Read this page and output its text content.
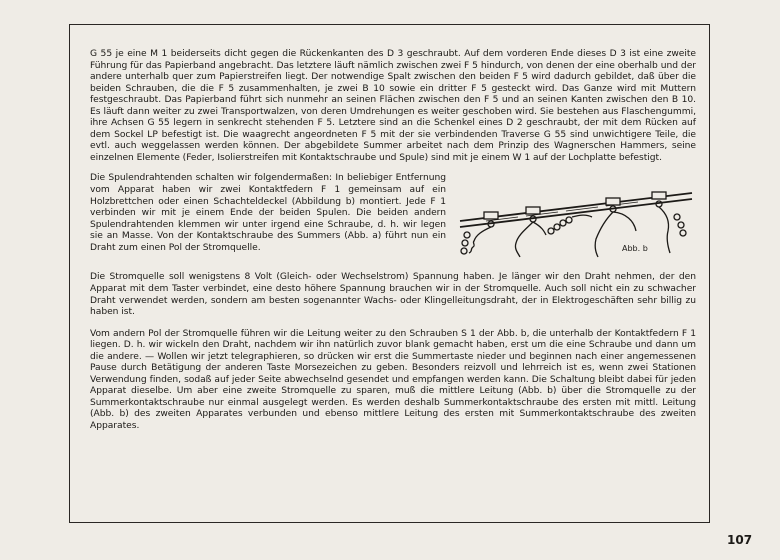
G 55 je eine M 1 beiderseits dicht gegen die Rückenkanten des D 3 geschraubt. Auf dem vorderen Ende dieses D 3 ist eine zweite Führung für das Papierband angebracht. Das letztere läuft nämlich zwischen zwei F 5 hindurch, von denen der eine oberhalb und der andere unterhalb quer zum Papierstreifen liegt. Der notwendige Spalt zwischen den beiden F 5 wird dadurch gebildet, daß über die beiden Schrauben, die die F 5 zusammenhalten, je zwei B 10 sowie ein dritter F 5 gesteckt wird. Das Ganze wird mit Muttern festgeschraubt. Das Papierband führt sich nunmehr an seinen Flächen zwischen den F 5 und an seinen Kanten zwischen den B 10. Es läuft dann weiter zu zwei Transportwalzen, von deren Umdrehungen es weiter geschoben wird. Sie bestehen aus Flaschengummi, ihre Achsen G 55 legern in senkrecht stehenden F 5. Letztere sind an die Schenkel eines D 2 geschraubt, der mit dem Rücken auf dem Sockel LP befestigt ist. Die waagrecht angeordneten F 5 mit der sie verbindenden Traverse G 55 sind unwichtigere Teile, die evtl. auch weggelassen werden können. Der abgebildete Summer arbeitet nach dem Prinzip des Wagnerschen Hammers, seine einzelnen Elemente (Feder, Isolierstreifen mit Kontaktschraube und Spule) sind mit je einem W 1 auf der Lochplatte befestigt.

Die Spulendrahtenden schalten wir folgendermaßen: In beliebiger Entfernung vom Apparat haben wir zwei Kontaktfedern F 1 gemeinsam auf ein Holzbrettchen oder einen Schachteldeckel (Abbildung b) montiert. Jede F 1 verbinden wir mit je einem Ende der beiden Spulen. Die beiden andern Spulendrahtenden klemmen wir unter irgend eine Schraube, d. h. wir legen sie an Masse. Von der Kontaktschraube des Summers (Abb. a) führt nun ein Draht zum einen Pol der Stromquelle.	Abb. b

Die Stromquelle soll wenigstens 8 Volt (Gleich- oder Wechselstrom) Spannung haben. Je länger wir den Draht nehmen, der den Apparat mit dem Taster verbindet, eine desto höhere Spannung brauchen wir in der Stromquelle. Auch soll nicht ein zu schwacher Draht verwendet werden, sondern am besten sogenannter Wachs- oder Klingelleitungsdraht, der in Elektrogeschäften sehr billig zu haben ist.

Vom andern Pol der Stromquelle führen wir die Leitung weiter zu den Schrauben S 1 der Abb. b, die unterhalb der Kontaktfedern F 1 liegen. D. h. wir wickeln den Draht, nachdem wir ihn natürlich zuvor blank gemacht haben, erst um die eine Schraube und dann um die andere. — Wollen wir jetzt telegraphieren, so drücken wir erst die Summertaste nieder und beginnen nach einer angemessenen Pause durch Betätigung der anderen Taste Morsezeichen zu geben. Besonders reizvoll und lehrreich ist es, wenn zwei Stationen Verwendung finden, sodaß auf jeder Seite abwechselnd gesendet und empfangen werden kann. Die Schaltung bleibt dabei für jeden Apparat dieselbe. Um aber eine zweite Stromquelle zu sparen, muß die mittlere Leitung (Abb. b) über die Stromquelle zu der Summerkontaktschraube nur einmal ausgelegt werden. Es werden deshalb Summerkontaktschraube des ersten mit mittl. Leitung (Abb. b) des zweiten Apparates verbunden und ebenso mittlere Leitung des ersten mit Summerkontaktschraube des zweiten Apparates.

107
